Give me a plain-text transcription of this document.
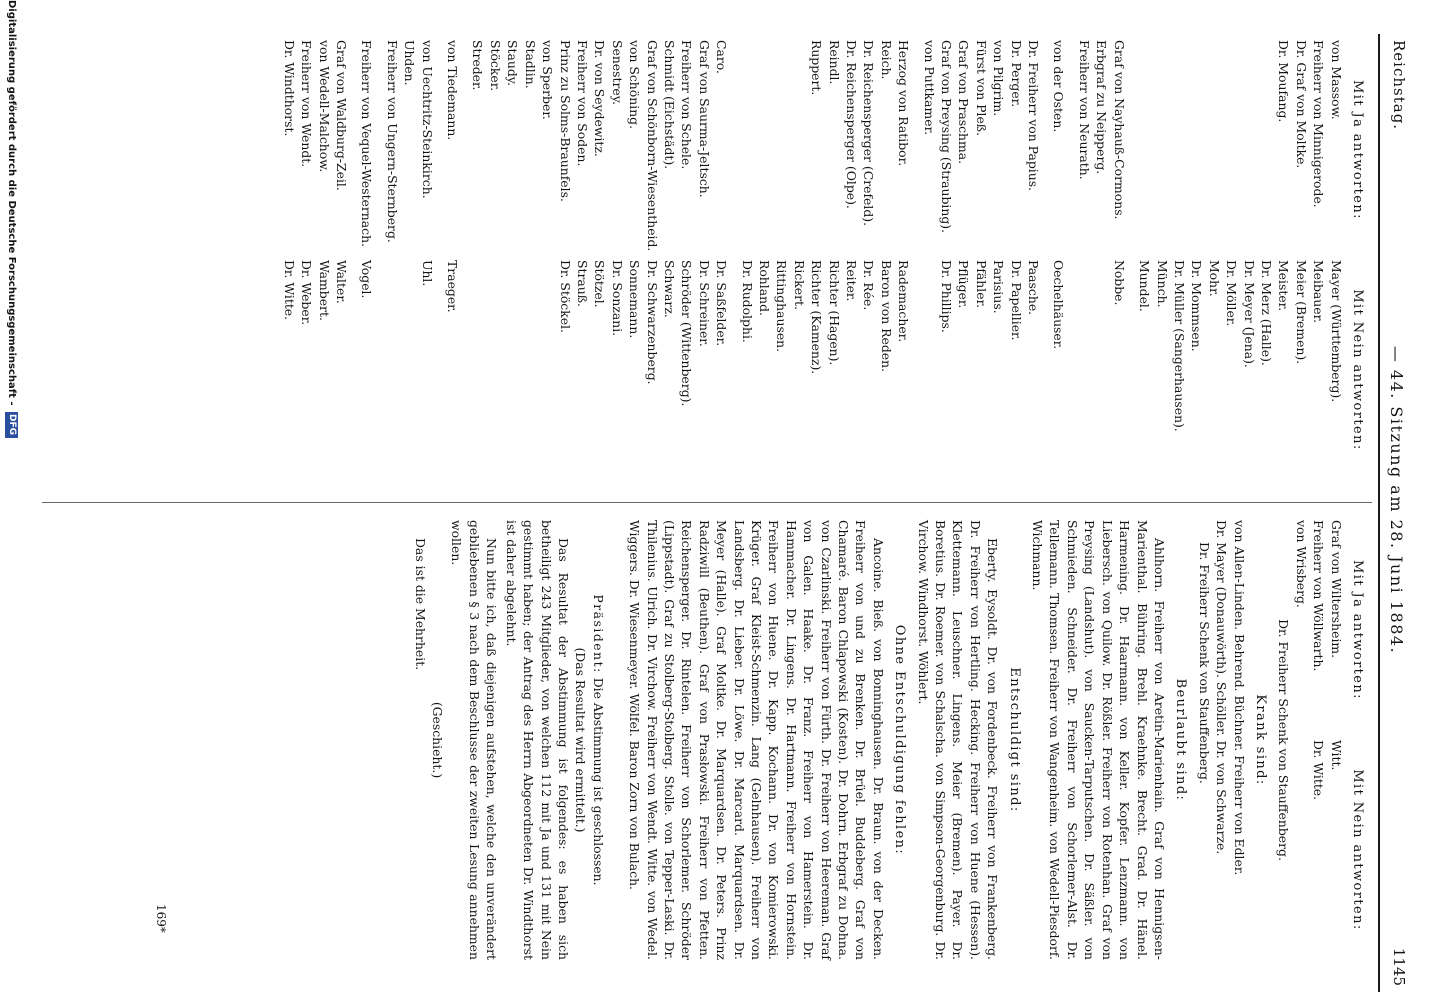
Reichstag.
— 44. Sitzung am 28. Juni 1884.
1145
Mit Ja antworten:
Mit Nein antworten:
von Massow.
Freiherr von Minnigerode.
Dr. Graf von Moltke.
Dr. Moufang.
Mayer (Württemberg).
Meibauer.
Meier (Bremen).
Meister.
Dr. Merz (Halle).
Dr. Meyer (Jena).
Dr. Möller.
Mohr.
Dr. Mommsen.
Dr. Müller (Sangerhausen).
Münch.
Mundel.
Graf von Nayhauß-Cormons.
Erbgraf zu Neipperg.
Freiherr von Neurath.
Nobbe.
von der Osten.
Oechelhäuser.
Dr. Freiherr von Papius.
Dr. Perger.
von Pilgrim.
Fürst von Pleß.
Graf von Praschma.
Graf von Preysing (Straubing).
von Puttkamer.
Paasche.
Dr. Papellier.
Parisius.
Pfähler.
Pflüger.
Dr. Phillips.
Herzog von Ratibor.
Reich.
Dr. Reichensperger (Crefeld).
Dr. Reichensperger (Olpe).
Reindl.
Ruppert.
Rademacher.
Baron von Reden.
Dr. Rée.
Reiter.
Richter (Hagen).
Richter (Kamenz).
Rickert.
Rittinghausen.
Rohland.
Dr. Rudolphi.
Caro.
Graf von Saurma-Jeltsch.
Freiherr von Schele.
Schmidt (Eichstädt).
Graf von Schönborn-Wiesentheid.
von Schöning.
Senestrey.
Dr. von Seydewitz.
Freiherr von Soden.
Prinz zu Solms-Braunfels.
von Sperber.
Stadlin.
Staudy.
Stöcker.
Streder.
Dr. Saßfelder.
Dr. Schreiner.
Schröder (Wittenberg).
Schwarz.
Dr. Schwarzenberg.
Sonnemann.
Dr. Sonzani.
Stötzel.
Strauß.
Dr. Stöckel.
von Tiedemann.
Traeger.
von Uechtritz-Steinkirch.
Uhden.
Freiherr von Ungern-Sternberg.
Uhl.
Freiherr von Vequel-Westernach.
Vogel.
Graf von Waldburg-Zeil.
von Wedell-Malchow.
Freiherr von Wendt.
Dr. Windthorst.
Walter.
Wambert.
Dr. Weber.
Dr. Witte.
Mit Ja antworten:
Mit Nein antworten:
Graf von Wiltersheim.
Freiherr von Wöllwarth.
von Wrisberg.
Witt.
Dr. Witte.
Dr. Freiherr Schenk von Stauffenberg.
Krank sind:
von Allen-Linden. Behrend. Büchner. Freiherr von Edler.
Dr. Mayer (Donauwörth). Schöller. Dr. von Schwarze.
Dr. Freiherr Schenk von Stauffenberg.
Beurlaubt sind:

Ahlhorn. Freiherr von Aretin-Marienhain. Graf von Hennigsen-Marienthal. Bühring. Brehl. Kraehnke. Brecht. Grad. Dr. Hänel. Harmening. Dr. Haarmann. von Keller. Kopfer. Lenzmann. von Liebersch. von Quilow. Dr. Rößler. Freiherr von Rotenhan. Graf von Preysing (Landshut). von Saucken-Tarputschen. Dr. Säßler. von Schmieden. Schneider. Dr. Freiherr von Schorlemer-Alst. Dr. Tellemann. Thomsen. Freiherr von Wangenheim. von Wedell-Piesdorf. Wichmann.

Entschuldigt sind:

Eberty. Eysoldt. Dr. von Fordenbeck. Freiherr von Frankenberg. Dr. Freiherr von Hertling. Hecking. Freiherr von Huene (Hessen). Klettemann. Leuschner. Lingens. Meier (Bremen). Payer. Dr. Boretius. Dr. Roemer. von Schalscha. von Simpson-Georgenburg. Dr. Virchow. Windhorst. Wöhlert.

Ohne Entschuldigung fehlen:

Ancoine. Bieß. von Bonninghausen. Dr. Braun. von der Decken. Freiherr von und zu Brenken. Dr. Brüel. Buddeberg. Graf von Chamaré. Baron Chlapowski (Kosten). Dr. Dohrn. Erbgraf zu Dohna. von Czarlinski. Freiherr von Fürth. Dr. Freiherr von Heereman. Graf von Galen. Haake. Dr. Franz. Freiherr von Hamerstein. Dr. Hammacher. Dr. Lingens. Dr. Hartmann. Freiherr von Hornstein. Freiherr von Huene. Dr. Kapp. Kochann. Dr. von Komierowski. Krüger. Graf Kleist-Schmenzin. Lang (Gelnhausen). Freiherr von Landsberg. Dr. Lieber. Dr. Löwe. Dr. Marcard. Marquardsen. Dr. Meyer (Halle). Graf Moltke. Dr. Marquardsen. Dr. Peters. Prinz Radziwill (Beuthen). Graf von Prasłowski. Freiherr von Pfetten. Reichensperger. Dr. Rintelen. Freiherr von Schorlemer. Schröder (Lippstadt). Graf zu Stolberg-Stolberg. Stolle. von Tepper-Laski. Dr. Thilenius. Ulrich. Dr. Virchow. Freiherr von Wendt. Witte. von Wedel. Wiggers. Dr. Wiesenmeyer. Wölfel. Baron Zorn von Bulach.

Präsident: Die Abstimmung ist geschlossen.
(Das Resultat wird ermittelt.)

Das Resultat der Abstimmung ist folgendes: es haben sich betheiligt 243 Mitglieder, von welchen 112 mit Ja und 131 mit Nein gestimmt haben; der Antrag des Herrn Abgeordneten Dr. Windthorst ist daher abgelehnt.

Nun bitte ich, daß diejenigen aufstehen, welche den unverändert gebliebenen § 3 nach dem Beschlusse der zweiten Lesung annehmen wollen.

(Geschieht.)
Das ist die Mehrheit.
169*
Digitalisierung gefördert durch die Deutsche Forschungsgemeinschaft -
DFG
